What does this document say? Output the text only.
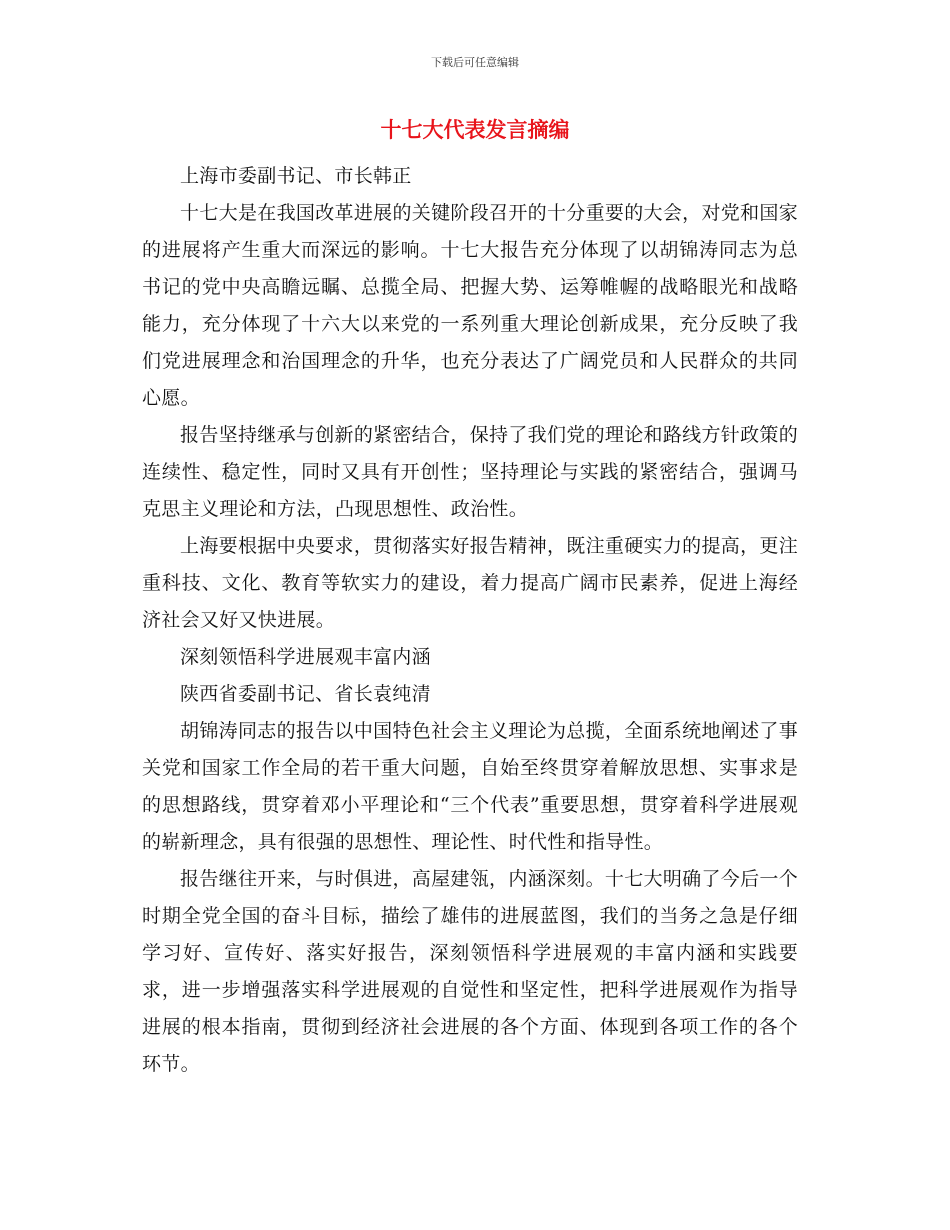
下载后可任意编辑
十七大代表发言摘编

上海市委副书记、市长韩正

十七大是在我国改革进展的关键阶段召开的十分重要的大会，对党和国家的进展将产生重大而深远的影响。十七大报告充分体现了以胡锦涛同志为总书记的党中央高瞻远瞩、总揽全局、把握大势、运筹帷幄的战略眼光和战略能力，充分体现了十六大以来党的一系列重大理论创新成果，充分反映了我们党进展理念和治国理念的升华，也充分表达了广阔党员和人民群众的共同心愿。

报告坚持继承与创新的紧密结合，保持了我们党的理论和路线方针政策的连续性、稳定性，同时又具有开创性；坚持理论与实践的紧密结合，强调马克思主义理论和方法，凸现思想性、政治性。

上海要根据中央要求，贯彻落实好报告精神，既注重硬实力的提高，更注重科技、文化、教育等软实力的建设，着力提高广阔市民素养，促进上海经济社会又好又快进展。

深刻领悟科学进展观丰富内涵

陕西省委副书记、省长袁纯清

胡锦涛同志的报告以中国特色社会主义理论为总揽，全面系统地阐述了事关党和国家工作全局的若干重大问题，自始至终贯穿着解放思想、实事求是的思想路线，贯穿着邓小平理论和“三个代表”重要思想，贯穿着科学进展观的崭新理念，具有很强的思想性、理论性、时代性和指导性。

报告继往开来，与时俱进，高屋建瓴，内涵深刻。十七大明确了今后一个时期全党全国的奋斗目标，描绘了雄伟的进展蓝图，我们的当务之急是仔细学习好、宣传好、落实好报告，深刻领悟科学进展观的丰富内涵和实践要求，进一步增强落实科学进展观的自觉性和坚定性，把科学进展观作为指导进展的根本指南，贯彻到经济社会进展的各个方面、体现到各项工作的各个环节。
